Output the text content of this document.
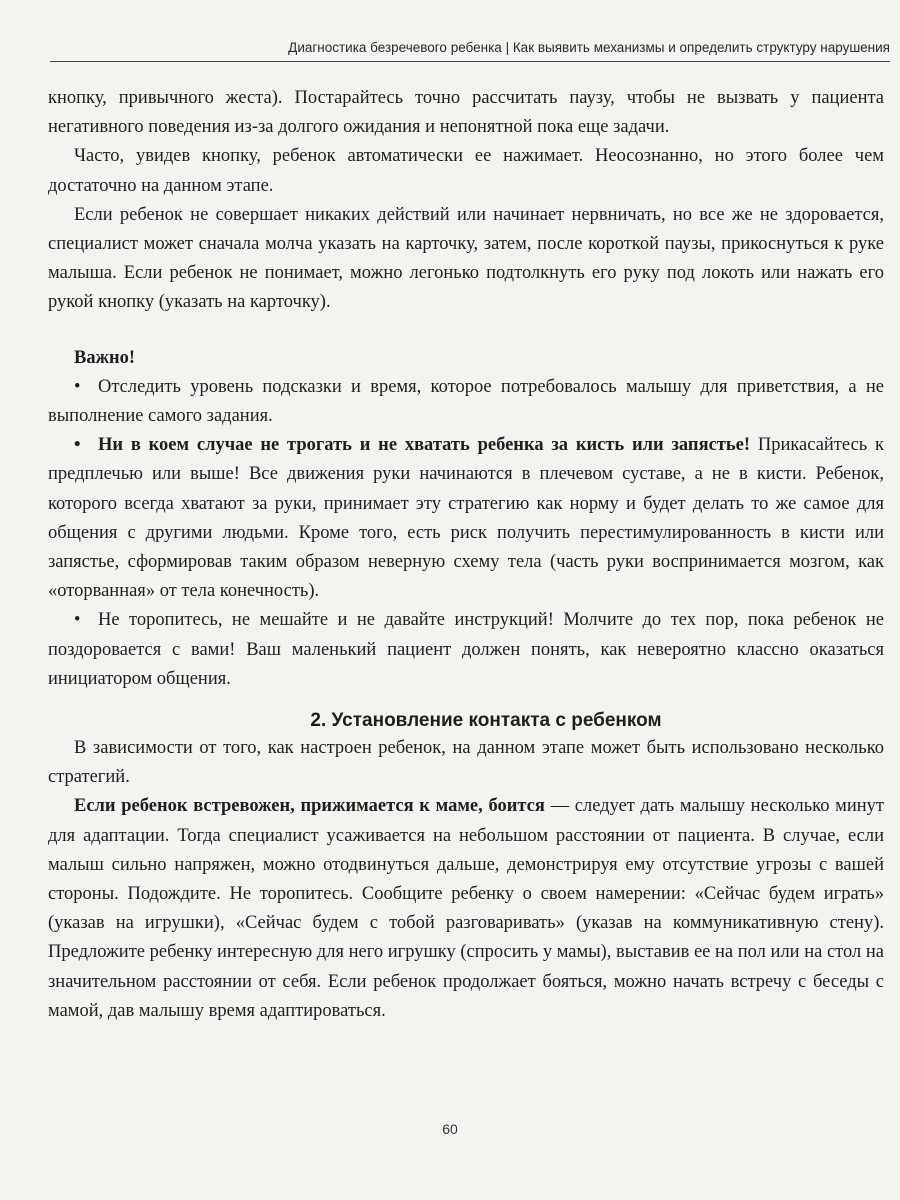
Диагностика безречевого ребенка | Как выявить механизмы и определить структуру нарушения

кнопку, привычного жеста). Постарайтесь точно рассчитать паузу, чтобы не вызвать у пациента негативного поведения из-за долгого ожидания и непонятной пока еще задачи.

Часто, увидев кнопку, ребенок автоматически ее нажимает. Неосознанно, но этого более чем достаточно на данном этапе.

Если ребенок не совершает никаких действий или начинает нервничать, но все же не здоровается, специалист может сначала молча указать на карточку, затем, после короткой паузы, прикоснуться к руке малыша. Если ребенок не понимает, можно легонько подтолкнуть его руку под локоть или нажать его рукой кнопку (указать на карточку).

Важно!

• Отследить уровень подсказки и время, которое потребовалось малышу для приветствия, а не выполнение самого задания.

• Ни в коем случае не трогать и не хватать ребенка за кисть или запястье! Прикасайтесь к предплечью или выше! Все движения руки начинаются в плечевом суставе, а не в кисти. Ребенок, которого всегда хватают за руки, принимает эту стратегию как норму и будет делать то же самое для общения с другими людьми. Кроме того, есть риск получить перестимулированность в кисти или запястье, сформировав таким образом неверную схему тела (часть руки воспринимается мозгом, как «оторванная» от тела конечность).

• Не торопитесь, не мешайте и не давайте инструкций! Молчите до тех пор, пока ребенок не поздоровается с вами! Ваш маленький пациент должен понять, как невероятно классно оказаться инициатором общения.

2. Установление контакта с ребенком

В зависимости от того, как настроен ребенок, на данном этапе может быть использовано несколько стратегий.

Если ребенок встревожен, прижимается к маме, боится — следует дать малышу несколько минут для адаптации. Тогда специалист усаживается на небольшом расстоянии от пациента. В случае, если малыш сильно напряжен, можно отодвинуться дальше, демонстрируя ему отсутствие угрозы с вашей стороны. Подождите. Не торопитесь. Сообщите ребенку о своем намерении: «Сейчас будем играть» (указав на игрушки), «Сейчас будем с тобой разговаривать» (указав на коммуникативную стену). Предложите ребенку интересную для него игрушку (спросить у мамы), выставив ее на пол или на стол на значительном расстоянии от себя. Если ребенок продолжает бояться, можно начать встречу с беседы с мамой, дав малышу время адаптироваться.

60
